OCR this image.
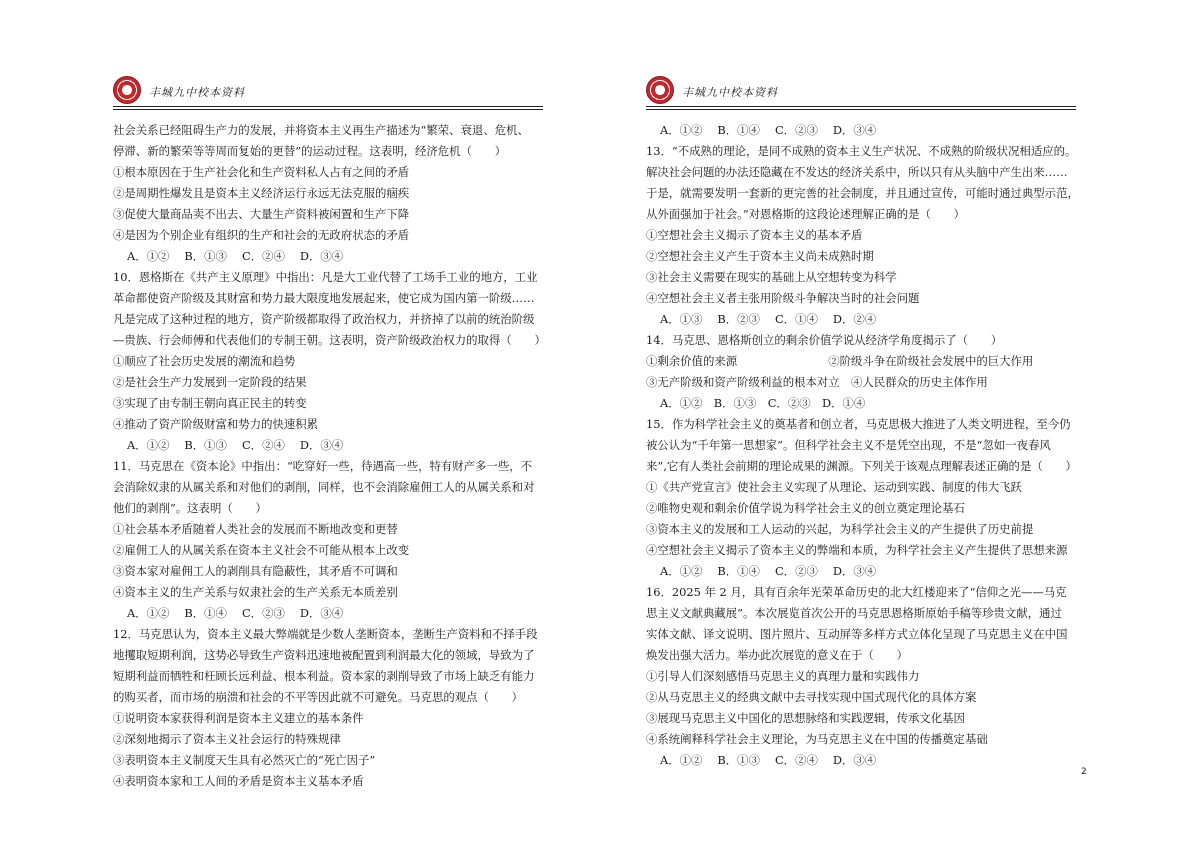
丰城九中校本资料
社会关系已经阻碍生产力的发展，并将资本主义再生产描述为“繁荣、衰退、危机、
停滞、新的繁荣等等周而复始的更替”的运动过程。这表明，经济危机（　　）
①根本原因在于生产社会化和生产资料私人占有之间的矛盾
②是周期性爆发且是资本主义经济运行永远无法克服的痼疾
③促使大量商品卖不出去、大量生产资料被闲置和生产下降
④是因为个别企业有组织的生产和社会的无政府状态的矛盾
A．①②　 B．①③　 C．②④　 D．③④
10．恩格斯在《共产主义原理》中指出：凡是大工业代替了工场手工业的地方，工业
革命都使资产阶级及其财富和势力最大限度地发展起来，使它成为国内第一阶级……
凡是完成了这种过程的地方，资产阶级都取得了政治权力，并挤掉了以前的统治阶级
—贵族、行会师傅和代表他们的专制王朝。这表明，资产阶级政治权力的取得（　　）
①顺应了社会历史发展的潮流和趋势
②是社会生产力发展到一定阶段的结果
③实现了由专制王朝向真正民主的转变
④推动了资产阶级财富和势力的快速积累
A．①②　 B．①③　 C．②④　 D．③④
11．马克思在《资本论》中指出：“吃穿好一些，待遇高一些，特有财产多一些，不
会消除奴隶的从属关系和对他们的剥削，同样，也不会消除雇佣工人的从属关系和对
他们的剥削”。这表明（　　）
①社会基本矛盾随着人类社会的发展而不断地改变和更替
②雇佣工人的从属关系在资本主义社会不可能从根本上改变
③资本家对雇佣工人的剥削具有隐蔽性，其矛盾不可调和
④资本主义的生产关系与奴隶社会的生产关系无本质差别
A．①②　 B．①④　 C．②③　 D．③④
12．马克思认为，资本主义最大弊端就是少数人垄断资本，垄断生产资料和不择手段
地攫取短期利润，这势必导致生产资料迅速地被配置到利润最大化的领域，导致为了
短期利益而牺牲和枉顾长远利益、根本利益。资本家的剥削导致了市场上缺乏有能力
的购买者，而市场的崩溃和社会的不平等因此就不可避免。马克思的观点（　　）
①说明资本家获得利润是资本主义建立的基本条件
②深刻地揭示了资本主义社会运行的特殊规律
③表明资本主义制度天生具有必然灭亡的“死亡因子”
④表明资本家和工人间的矛盾是资本主义基本矛盾
丰城九中校本资料
A．①②　 B．①④　 C．②③　 D．③④
13．“不成熟的理论，是同不成熟的资本主义生产状况、不成熟的阶级状况相适应的。
解决社会问题的办法还隐藏在不发达的经济关系中，所以只有从头脑中产生出来……
于是，就需要发明一套新的更完善的社会制度，并且通过宣传，可能时通过典型示范，
从外面强加于社会。”对恩格斯的这段论述理解正确的是（　　）
①空想社会主义揭示了资本主义的基本矛盾
②空想社会主义产生于资本主义尚未成熟时期
③社会主义需要在现实的基础上从空想转变为科学
④空想社会主义者主张用阶级斗争解决当时的社会问题
A．①③　 B．②③　 C．①④　 D．②④
14．马克思、恩格斯创立的剩余价值学说从经济学角度揭示了（　　）
①剩余价值的来源　　　　　　　　②阶级斗争在阶级社会发展中的巨大作用
③无产阶级和资产阶级利益的根本对立　④人民群众的历史主体作用
A．①②　B．①③　C．②③　D．①④
15．作为科学社会主义的奠基者和创立者，马克思极大推进了人类文明进程，至今仍
被公认为“千年第一思想家”。但科学社会主义不是凭空出现，不是“忽如一夜春风
来”,它有人类社会前期的理论成果的渊源。下列关于该观点理解表述正确的是（　　）
①《共产党宣言》使社会主义实现了从理论、运动到实践、制度的伟大飞跃
②唯物史观和剩余价值学说为科学社会主义的创立奠定理论基石
③资本主义的发展和工人运动的兴起，为科学社会主义的产生提供了历史前提
④空想社会主义揭示了资本主义的弊端和本质，为科学社会主义产生提供了思想来源
A．①②　 B．①④　 C．②③　 D．③④
16．2025 年 2 月，具有百余年光荣革命历史的北大红楼迎来了“信仰之光——马克
思主义文献典藏展”。本次展览首次公开的马克思恩格斯原始手稿等珍贵文献，通过
实体文献、译文说明、图片照片、互动屏等多样方式立体化呈现了马克思主义在中国
焕发出强大活力。举办此次展览的意义在于（　　）
①引导人们深刻感悟马克思主义的真理力量和实践伟力
②从马克思主义的经典文献中去寻找实现中国式现代化的具体方案
③展现马克思主义中国化的思想脉络和实践逻辑，传承文化基因
④系统阐释科学社会主义理论，为马克思主义在中国的传播奠定基础
A．①②　 B．①③　 C．②④　 D．③④
2
